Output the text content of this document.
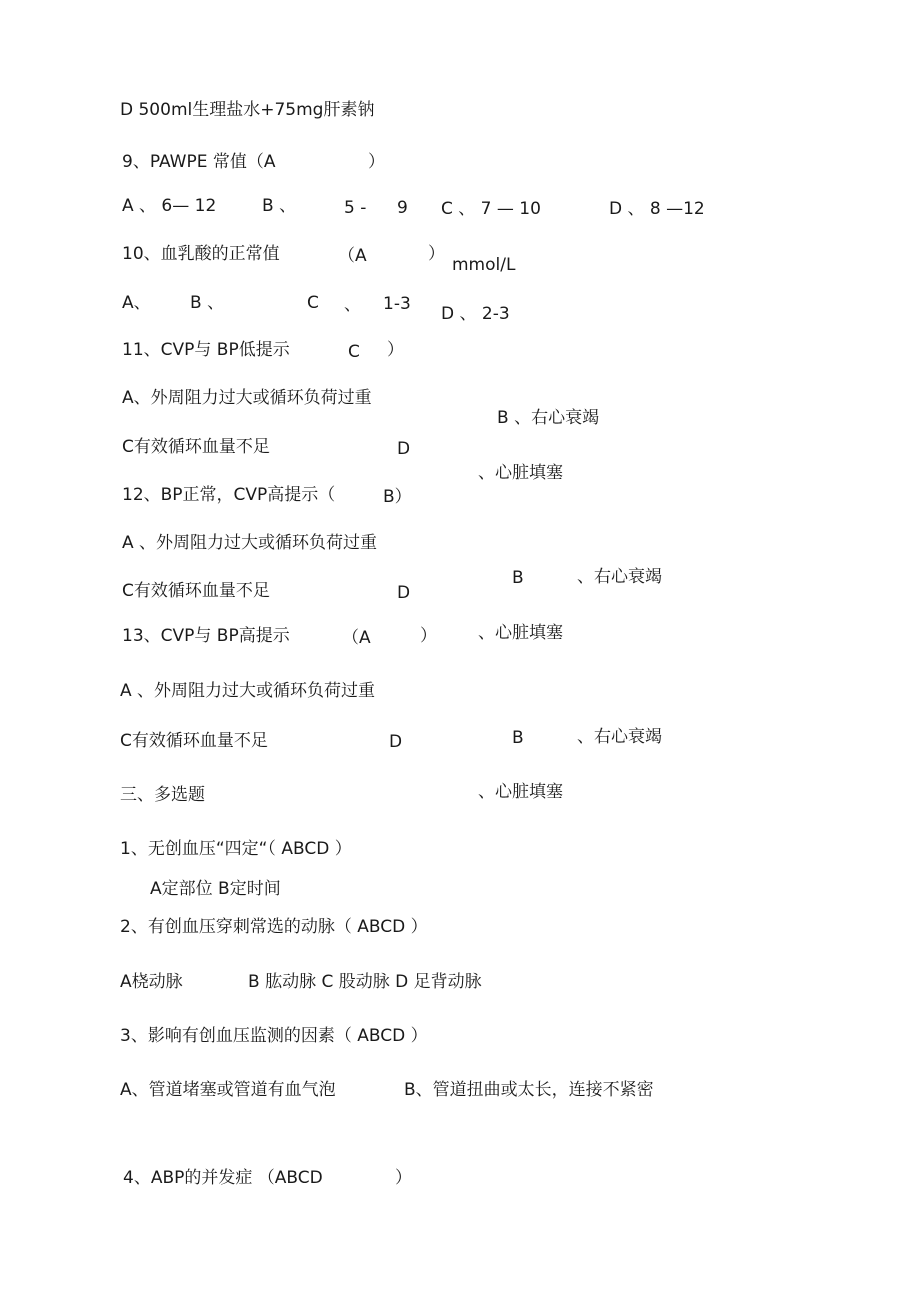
D 500ml生理盐水+75mg肝素钠
9、PAWPE 常值（A	）
A 、 6— 12	B 、	5 - 9 C 、 7 — 10	D 、 8 —12
10、血乳酸的正常值	（A	）
mmol/L
A、 B 、	C 、 1-3 D 、 2-3
11、CVP与 BP低提示	C ）
A、外周阻力过大或循环负荷过重
B 、右心衰竭
C有效循环血量不足	D
、心脏填塞
12、BP正常，CVP高提示（	B）
A 、外周阻力过大或循环负荷过重
B	、右心衰竭
C有效循环血量不足	D
、心脏填塞
13、CVP与 BP高提示	（A	）
A 、外周阻力过大或循环负荷过重
B	、右心衰竭
C有效循环血量不足	D
、心脏填塞
三、多选题
1、无创血压“四定“（ ABCD ）
A定部位 B定时间
2、有创血压穿刺常选的动脉（ ABCD ）
A桡动脉	B 肱动脉 C 股动脉 D 足背动脉
3、影响有创血压监测的因素（ ABCD ）
A、管道堵塞或管道有血气泡	B、管道扭曲或太长，连接不紧密
4、ABP的并发症 （ABCD	）
